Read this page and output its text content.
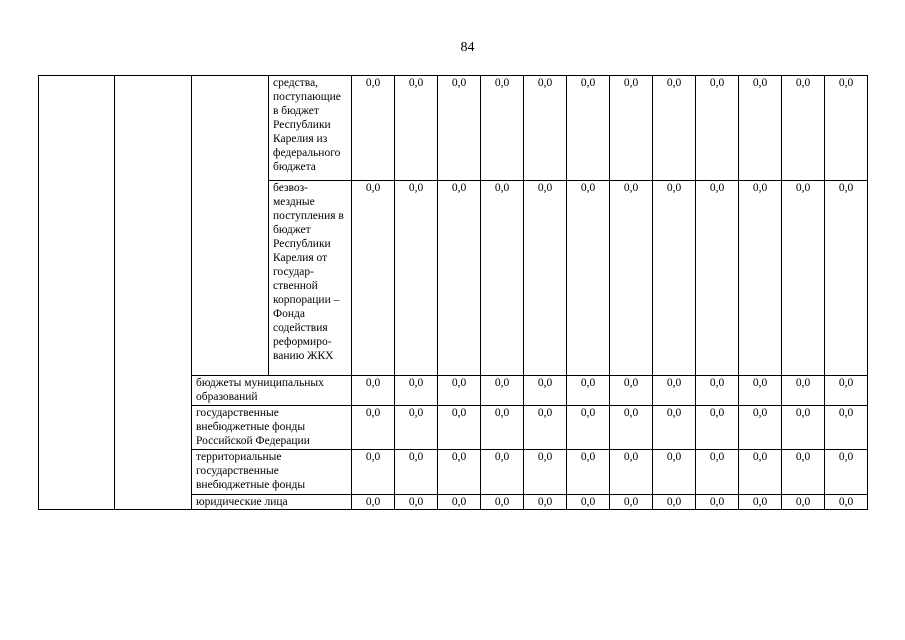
84
			средства, поступающие в бюджет Республики Карелия из федерального бюджета	0,0	0,0	0,0	0,0	0,0	0,0	0,0	0,0	0,0	0,0	0,0	0,0
			безвоз-мездные поступления в бюджет Республики Карелия от государ-ственной корпорации – Фонда содействия реформиро-ванию ЖКХ	0,0	0,0	0,0	0,0	0,0	0,0	0,0	0,0	0,0	0,0	0,0	0,0
		бюджеты муниципальных образований		0,0	0,0	0,0	0,0	0,0	0,0	0,0	0,0	0,0	0,0	0,0	0,0
		государственные внебюджетные фонды Российской Федерации		0,0	0,0	0,0	0,0	0,0	0,0	0,0	0,0	0,0	0,0	0,0	0,0
		территориальные государственные внебюджетные фонды		0,0	0,0	0,0	0,0	0,0	0,0	0,0	0,0	0,0	0,0	0,0	0,0
		юридические лица		0,0	0,0	0,0	0,0	0,0	0,0	0,0	0,0	0,0	0,0	0,0	0,0
